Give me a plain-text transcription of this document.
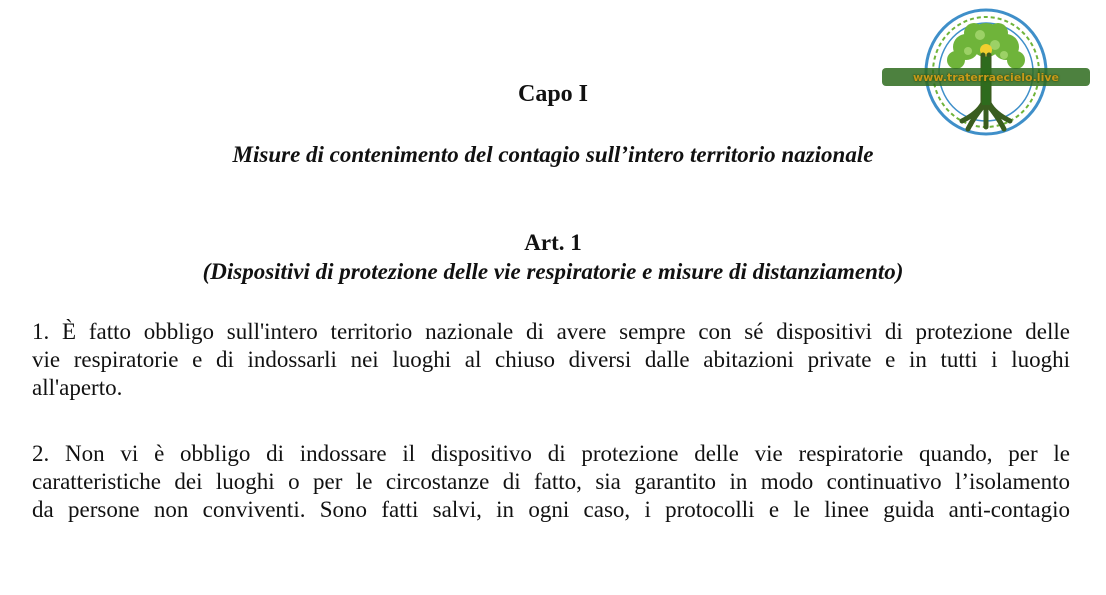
Capo I
Misure di contenimento del contagio sull’intero territorio nazionale
Art. 1
(Dispositivi di protezione delle vie respiratorie e misure di distanziamento)
1. È fatto obbligo sull'intero territorio nazionale di avere sempre con sé dispositivi di protezione delle
vie respiratorie e di indossarli nei luoghi al chiuso diversi dalle abitazioni private e in tutti i luoghi
all'aperto.
2. Non vi è obbligo di indossare il dispositivo di protezione delle vie respiratorie quando, per le
caratteristiche dei luoghi o per le circostanze di fatto, sia garantito in modo continuativo l’isolamento
da persone non conviventi. Sono fatti salvi, in ogni caso, i protocolli e le linee guida anti-contagio
www.traterraecielo.live
